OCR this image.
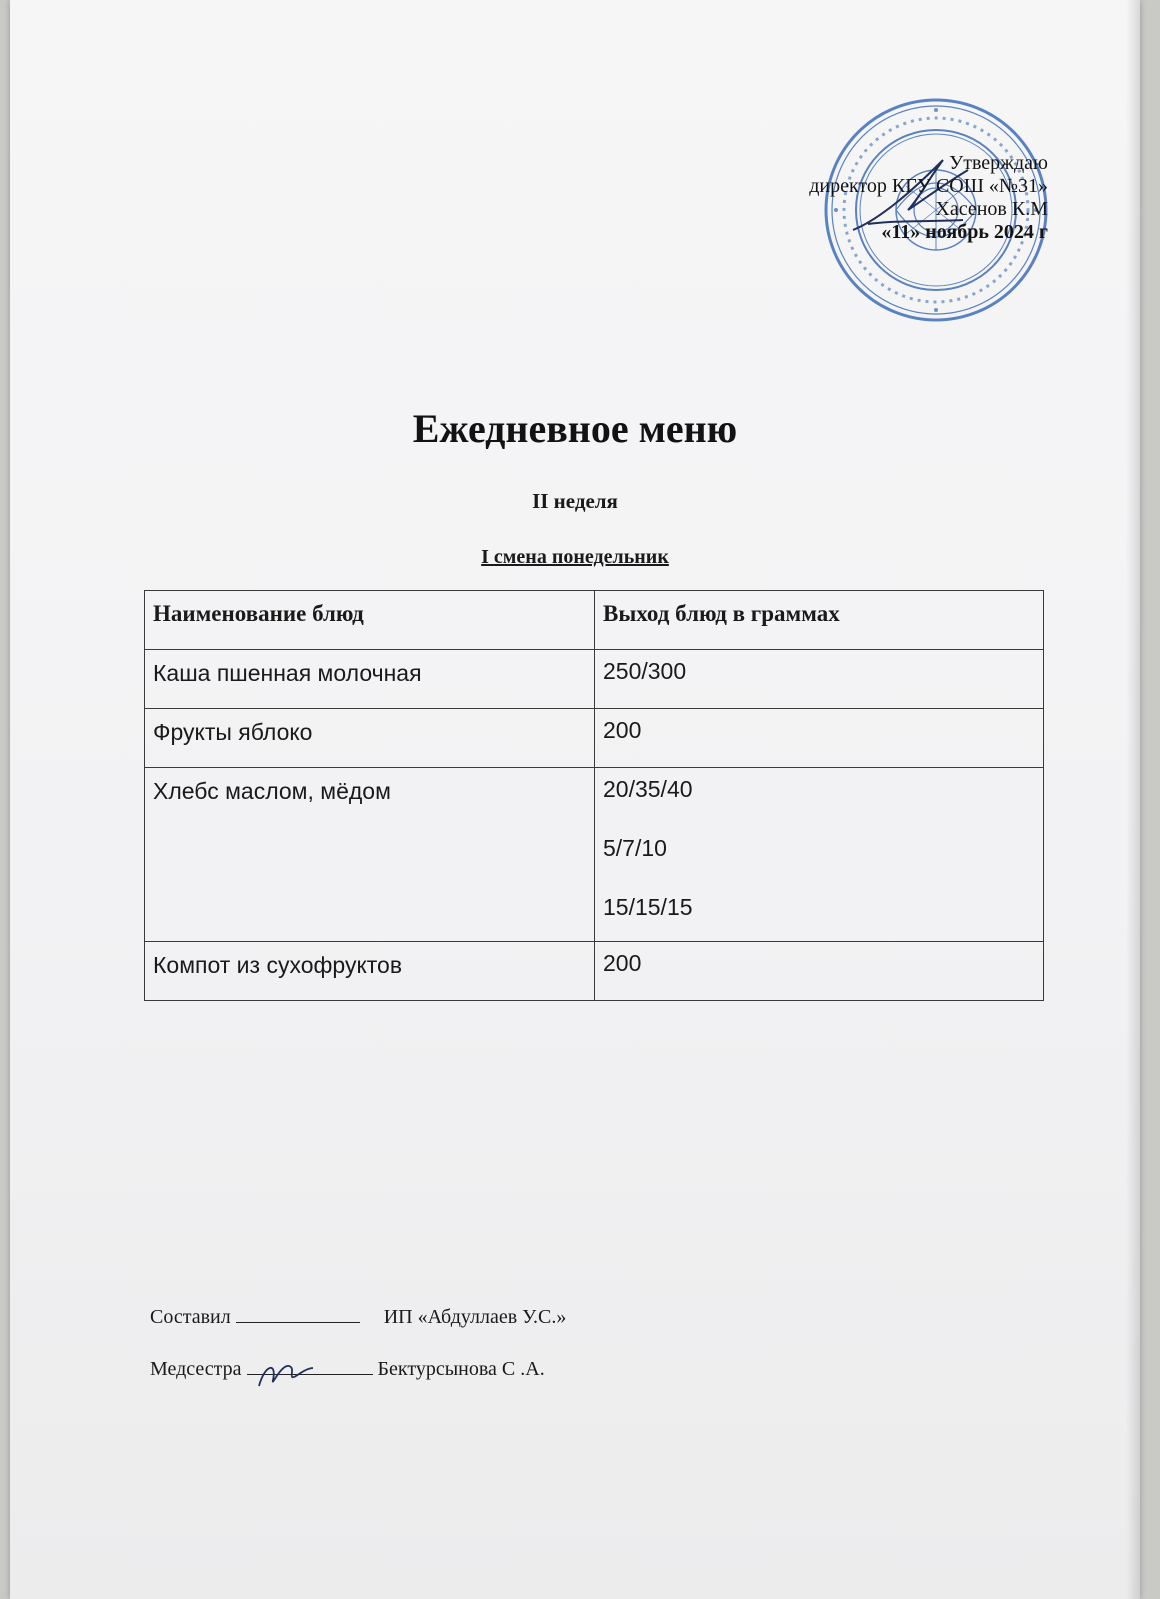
Утверждаю
директор КГУ СОШ «№31»
Хасенов К.М
«11» ноябрь 2024 г
Ежедневное меню
II неделя
I смена понедельник
Наименование блюд	Выход блюд в граммах
Каша пшенная молочная	250/300

Фрукты яблоко	200

Хлебс маслом, мёдом	20/35/40
5/7/10
15/15/15

Компот из сухофруктов	200
Составил	ИП «Абдуллаев У.С.»
Медсестра	Бектурсынова С .А.
